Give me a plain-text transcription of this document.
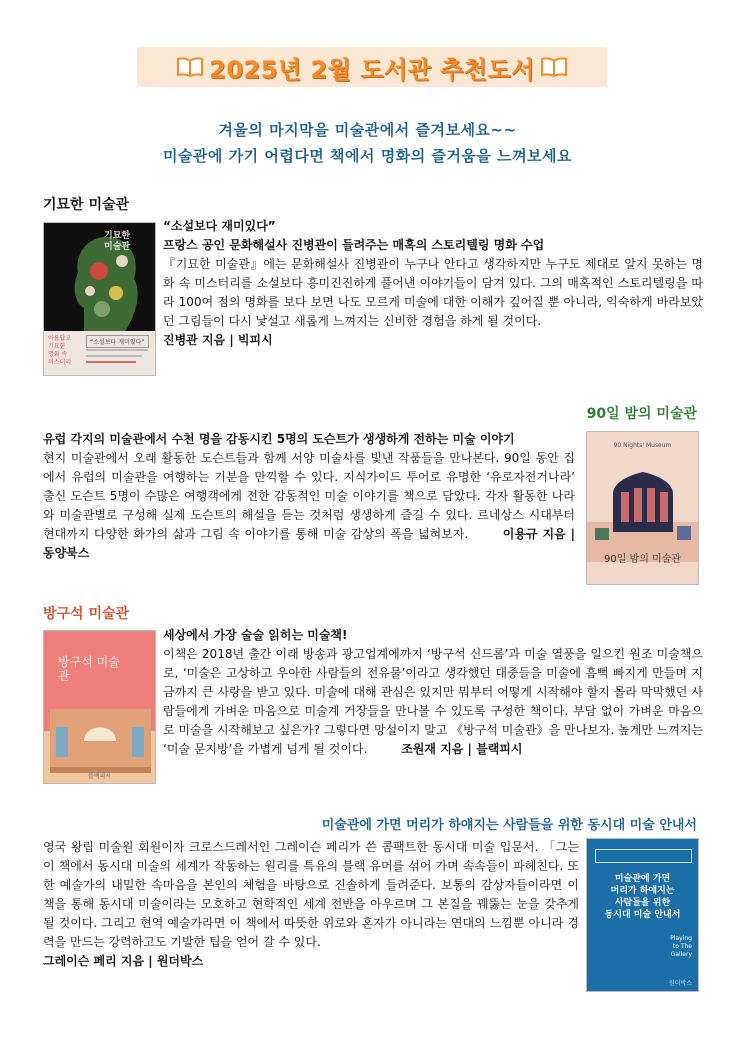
2025년 2월 도서관 추천도서
겨울의 마지막을 미술관에서 즐겨보세요~~
미술관에 가기 어렵다면 책에서 명화의 즐거움을 느껴보세요
기묘한 미술관
기묘한 미술관
아름답고
기묘한
명화 속
미스터리
“소설보다 재미있다”
“소설보다 재미있다”
프랑스 공인 문화해설사 진병관이 들려주는 매혹의 스토리텔링 명화 수업
『기묘한 미술관』에는 문화해설사 진병관이 누구나 안다고 생각하지만 누구도 제대로 알지 못하는 명화 속 미스터리를 소설보다 흥미진진하게 풀어낸 이야기들이 담겨 있다. 그의 매혹적인 스토리텔링을 따라 100여 점의 명화를 보다 보면 나도 모르게 미술에 대한 이해가 깊어질 뿐 아니라, 익숙하게 바라보았던 그림들이 다시 낯설고 새롭게 느껴지는 신비한 경험을 하게 될 것이다.
진병관 지음 | 빅피시
90일 밤의 미술관
유럽 각지의 미술관에서 수천 명을 감동시킨 5명의 도슨트가 생생하게 전하는 미술 이야기
현지 미술관에서 오래 활동한 도슨트들과 함께 서양 미술사를 빛낸 작품들을 만나본다. 90일 동안 집에서 유럽의 미술관을 여행하는 기분을 만끽할 수 있다. 지식가이드 투어로 유명한 ‘유로자전거나라’ 출신 도슨트 5명이 수많은 여행객에게 전한 감동적인 미술 이야기를 책으로 담았다. 각자 활동한 나라와 미술관별로 구성해 실제 도슨트의 해설을 듣는 것처럼 생생하게 즐길 수 있다. 르네상스 시대부터 현대까지 다양한 화가의 삶과 그림 속 이야기를 통해 미술 감상의 폭을 넓혀보자.	이용규 지음 | 동양북스
90 Nights' Museum
90일 밤의 미술관
방구석 미술관
방구석 미술관
블랙피시
세상에서 가장 술술 읽히는 미술책!
이책은 2018년 출간 이래 방송과 광고업계에까지 ‘방구석 신드롬’과 미술 열풍을 일으킨 원조 미술책으로, ‘미술은 고상하고 우아한 사람들의 전유물’이라고 생각했던 대중들을 미술에 흠뻑 빠지게 만들며 지금까지 큰 사랑을 받고 있다. 미술에 대해 관심은 있지만 뭐부터 어떻게 시작해야 할지 몰라 막막했던 사람들에게 가벼운 마음으로 미술계 거장들을 만나볼 수 있도록 구성한 책이다. 부담 없이 가벼운 마음으로 미술을 시작해보고 싶은가? 그렇다면 망설이지 말고 《방구석 미술관》을 만나보자. 높게만 느껴지는 ‘미술 문지방’을 가볍게 넘게 될 것이다.	조원재 지음 | 블랙피시
미술관에 가면 머리가 하얘지는 사람들을 위한 동시대 미술 안내서
영국 왕립 미술원 회원이자 크로스드레서인 그레이슨 페리가 쓴 콤팩트한 동시대 미술 입문서. 「그는 이 책에서 동시대 미술의 세계가 작동하는 원리를 특유의 블랙 유머를 섞어 가며 속속들이 파헤친다. 또한 예술가의 내밀한 속마음을 본인의 체험을 바탕으로 진솔하게 들려준다. 보통의 감상자들이라면 이 책을 통해 동시대 미술이라는 모호하고 현학적인 세계 전반을 아우르며 그 본질을 꿰뚫는 눈을 갖추게 될 것이다. 그리고 현역 예술가라면 이 책에서 따뜻한 위로와 혼자가 아니라는 연대의 느낌뿐 아니라 경력을 만드는 강력하고도 기발한 팁을 얻어 갈 수 있다.
그레이슨 페리 지음 | 원더박스
미술관에 가면
머리가 하얘지는
사람들을 위한
동시대 미술 안내서
Playing
to The
Gallery
원더박스
